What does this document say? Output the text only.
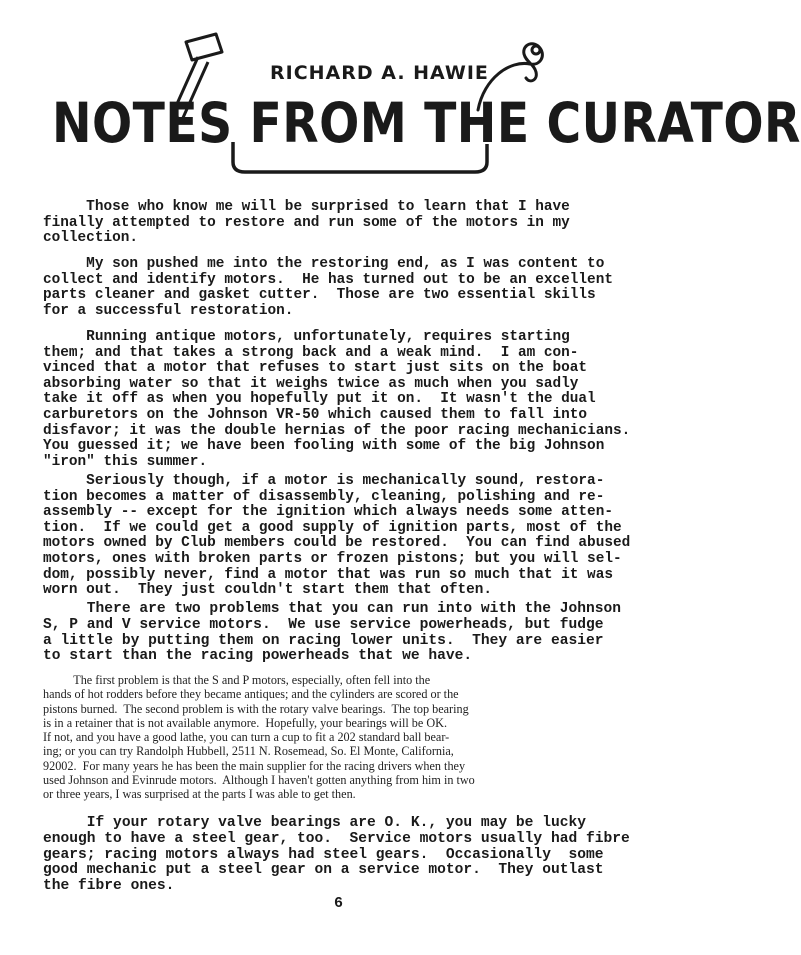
RICHARD A. HAWIE
NOTES FROM THE CURATOR

Those who know me will be surprised to learn that I have
finally attempted to restore and run some of the motors in my
collection.

My son pushed me into the restoring end, as I was content to
collect and identify motors.  He has turned out to be an excellent
parts cleaner and gasket cutter.  Those are two essential skills
for a successful restoration.

Running antique motors, unfortunately, requires starting
them; and that takes a strong back and a weak mind.  I am con-
vinced that a motor that refuses to start just sits on the boat
absorbing water so that it weighs twice as much when you sadly
take it off as when you hopefully put it on.  It wasn't the dual
carburetors on the Johnson VR-50 which caused them to fall into
disfavor; it was the double hernias of the poor racing mechanicians.
You guessed it; we have been fooling with some of the big Johnson
"iron" this summer.

Seriously though, if a motor is mechanically sound, restora-
tion becomes a matter of disassembly, cleaning, polishing and re-
assembly -- except for the ignition which always needs some atten-
tion.  If we could get a good supply of ignition parts, most of the
motors owned by Club members could be restored.  You can find abused
motors, ones with broken parts or frozen pistons; but you will sel-
dom, possibly never, find a motor that was run so much that it was
worn out.  They just couldn't start them that often.

There are two problems that you can run into with the Johnson
S, P and V service motors.  We use service powerheads, but fudge
a little by putting them on racing lower units.  They are easier
to start than the racing powerheads that we have.

The first problem is that the S and P motors, especially, often fell into the
hands of hot rodders before they became antiques; and the cylinders are scored or the
pistons burned.  The second problem is with the rotary valve bearings.  The top bearing
is in a retainer that is not available anymore.  Hopefully, your bearings will be OK.
If not, and you have a good lathe, you can turn a cup to fit a 202 standard ball bear-
ing; or you can try Randolph Hubbell, 2511 N. Rosemead, So. El Monte, California,
92002.  For many years he has been the main supplier for the racing drivers when they
used Johnson and Evinrude motors.  Although I haven't gotten anything from him in two
or three years, I was surprised at the parts I was able to get then.

If your rotary valve bearings are O. K., you may be lucky
enough to have a steel gear, too.  Service motors usually had fibre
gears; racing motors always had steel gears.  Occasionally  some
good mechanic put a steel gear on a service motor.  They outlast
the fibre ones.

6
